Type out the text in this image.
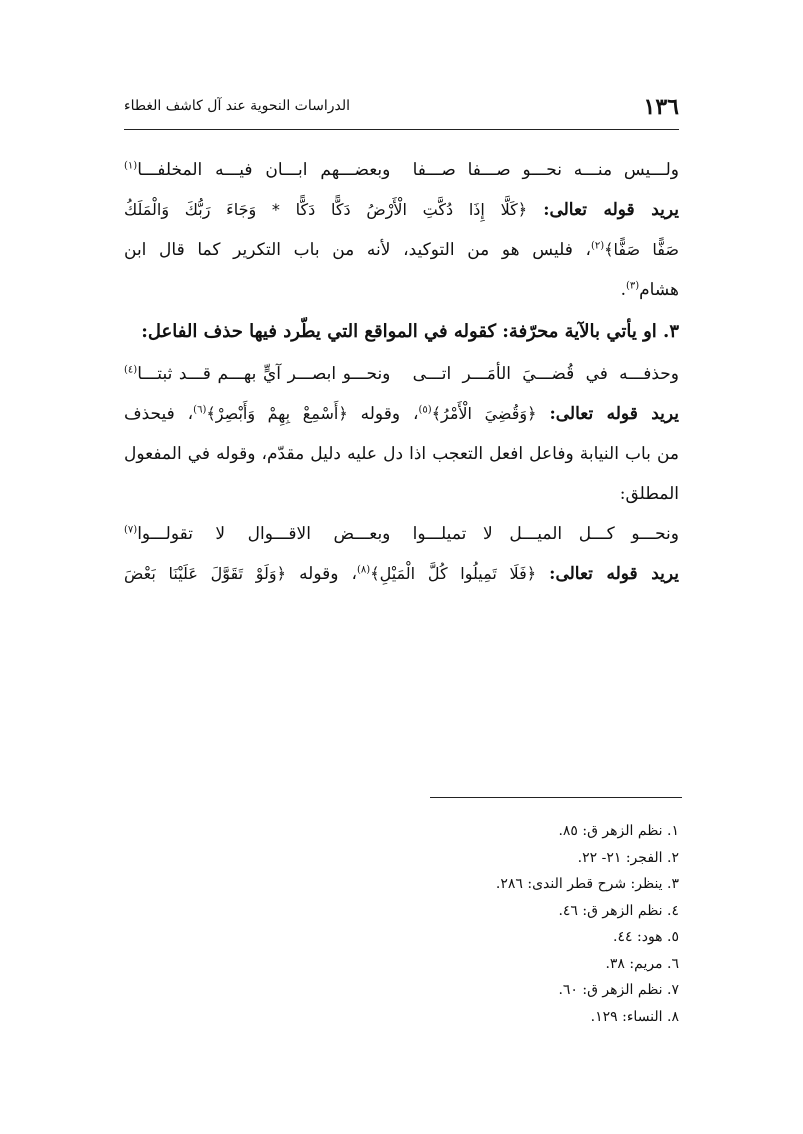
١٣٦
الدراسات النحوية عند آل كاشف الغطاء
ولـــيس منـــه نحـــو صـــفا صـــفا
وبعضـــهم ابـــان فيـــه المخلفـــا$^{(١)}$
يريد قوله تعالى: ﴿كَلَّا إِذَا دُكَّتِ الْأَرْضُ دَكًّا دَكًّا * وَجَاءَ رَبُّكَ وَالْمَلَكُ
صَفًّا صَفًّا﴾$^{(٢)}$، فليس هو من التوكيد، لأنه من باب التكرير كما قال ابن
هشام$^{(٣)}$.
٣. او يأتي بالآية محرّفة: كقوله في المواقع التي يطّرد فيها حذف الفاعل:
وحذفـــه في قُضـــيَ الأمَـــر اتـــى
ونحـــو ابصـــر آيٍّ بهـــم قـــد ثبتـــا$^{(٤)}$
يريد قوله تعالى: ﴿وَقُضِيَ الْأَمْرُ﴾$^{(٥)}$، وقوله ﴿أَسْمِعْ بِهِمْ وَأَبْصِرْ﴾$^{(٦)}$، فيحذف
من باب النيابة وفاعل افعل التعجب اذا دل عليه دليل مقدّم، وقوله في المفعول
المطلق:
ونحـــو كـــل الميـــل لا تميلـــوا
وبعـــض الاقـــوال لا تقولـــوا$^{(٧)}$
يريد قوله تعالى: ﴿فَلَا تَمِيلُوا كُلَّ الْمَيْلِ﴾$^{(٨)}$، وقوله ﴿وَلَوْ تَقَوَّلَ عَلَيْنَا بَعْضَ
١. نظم الزهر ق: ٨٥.
٢. الفجر: ٢١- ٢٢.
٣. ينظر: شرح قطر الندى: ٢٨٦.
٤. نظم الزهر ق: ٤٦.
٥. هود: ٤٤.
٦. مريم: ٣٨.
٧. نظم الزهر ق: ٦٠.
٨. النساء: ١٢٩.
